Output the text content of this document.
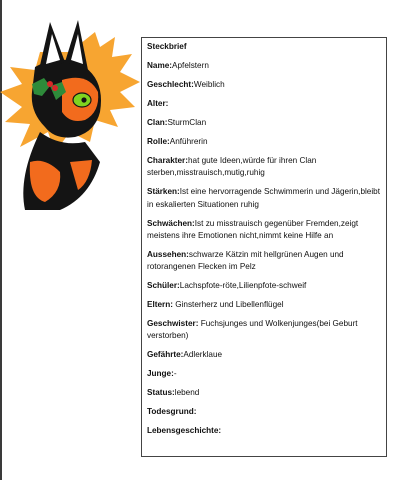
Steckbrief
Name:Apfelstern
Geschlecht:Weiblich
Alter:
Clan:SturmClan
Rolle:Anführerin
Charakter:hat gute Ideen,würde für ihren Clan sterben,misstrauisch,mutig,ruhig
Stärken:Ist eine hervorragende Schwimmerin und Jägerin,bleibt in eskalierten Situationen ruhig
Schwächen:Ist zu misstrauisch gegenüber Fremden,zeigt meistens ihre Emotionen nicht,nimmt keine Hilfe an
Aussehen:schwarze Kätzin mit hellgrünen Augen und rotorangenen Flecken im Pelz
Schüler:Lachspfote-röte,Lilienpfote-schweif
Eltern: Ginsterherz und Libellenflügel
Geschwister: Fuchsjunges und Wolkenjunges(bei Geburt verstorben)
Gefährte:Adlerklaue
Junge:-
Status:lebend
Todesgrund:
Lebensgeschichte:
